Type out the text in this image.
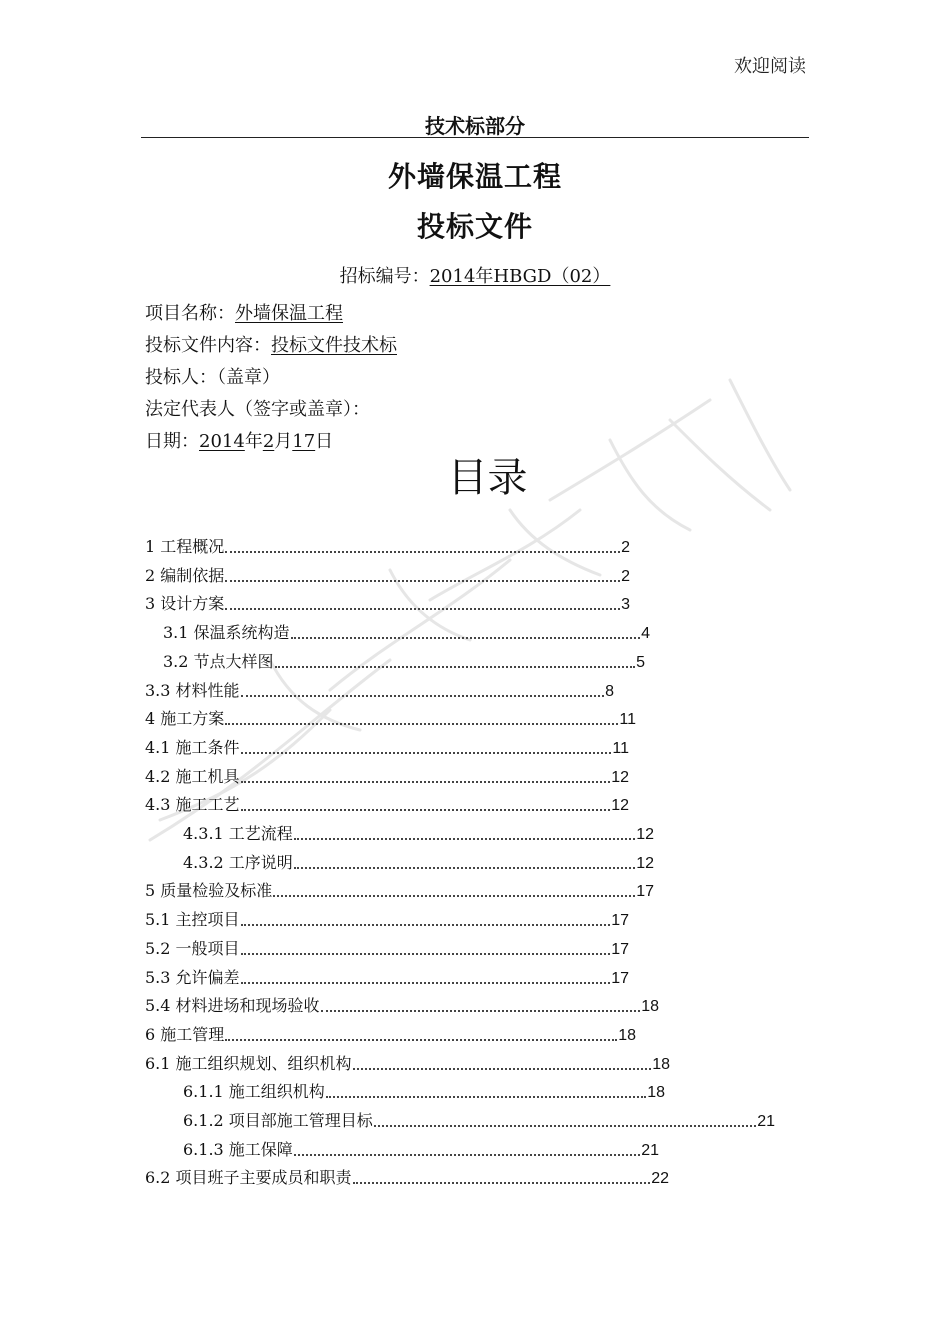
欢迎阅读
技术标部分
外墙保温工程
投标文件
招标编号：2014年HBGD（02）
项目名称：外墙保温工程
投标文件内容：投标文件技术标
投标人：（盖章）
法定代表人（签字或盖章）：
日期：2014年2月17日
目录
1 工程概况	2
2 编制依据	2
3 设计方案	3
3.1 保温系统构造	4
3.2 节点大样图	5
3.3 材料性能	8
4 施工方案	11
4.1 施工条件	11
4.2 施工机具	12
4.3 施工工艺	12
4.3.1 工艺流程	12
4.3.2 工序说明	12
5 质量检验及标准	17
5.1 主控项目	17
5.2 一般项目	17
5.3 允许偏差	17
5.4 材料进场和现场验收	18
6 施工管理	18
6.1 施工组织规划、组织机构	18
6.1.1 施工组织机构	18
6.1.2 项目部施工管理目标	21
6.1.3 施工保障	21
6.2 项目班子主要成员和职责	22
